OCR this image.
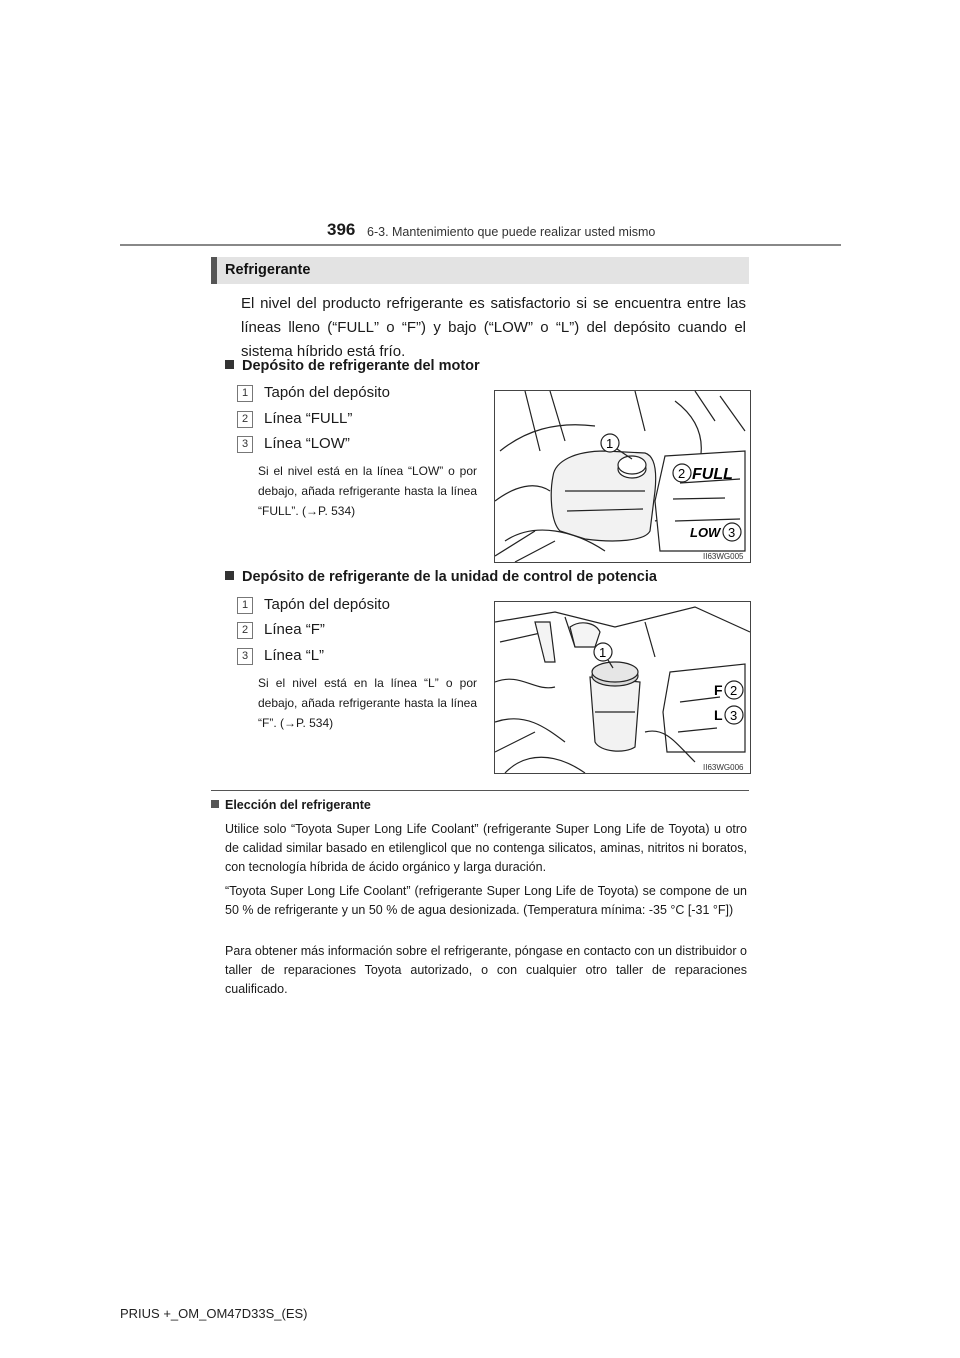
396 6-3. Mantenimiento que puede realizar usted mismo
Refrigerante
El nivel del producto refrigerante es satisfactorio si se encuentra entre las líneas lleno (“FULL” o “F”) y bajo (“LOW” o “L”) del depósito cuando el sistema híbrido está frío.
Depósito de refrigerante del motor
1 Tapón del depósito
2 Línea “FULL”
3 Línea “LOW”
Si el nivel está en la línea “LOW” o por debajo, añada refrigerante hasta la línea “FULL”. (→P. 534)
1
2
3
FULL
LOW
II63WG005
Depósito de refrigerante de la unidad de control de potencia
1 Tapón del depósito
2 Línea “F”
3 Línea “L”
Si el nivel está en la línea “L” o por debajo, añada refrigerante hasta la línea “F”. (→P. 534)
1
2
3
F
L
II63WG006
Elección del refrigerante
Utilice solo “Toyota Super Long Life Coolant” (refrigerante Super Long Life de Toyota) u otro de calidad similar basado en etilenglicol que no contenga silicatos, aminas, nitritos ni boratos, con tecnología híbrida de ácido orgánico y larga duración.
“Toyota Super Long Life Coolant” (refrigerante Super Long Life de Toyota) se compone de un 50 % de refrigerante y un 50 % de agua desionizada. (Temperatura mínima: -35 °C [-31 °F])
Para obtener más información sobre el refrigerante, póngase en contacto con un distribuidor o taller de reparaciones Toyota autorizado, o con cualquier otro taller de reparaciones cualificado.
PRIUS +_OM_OM47D33S_(ES)
